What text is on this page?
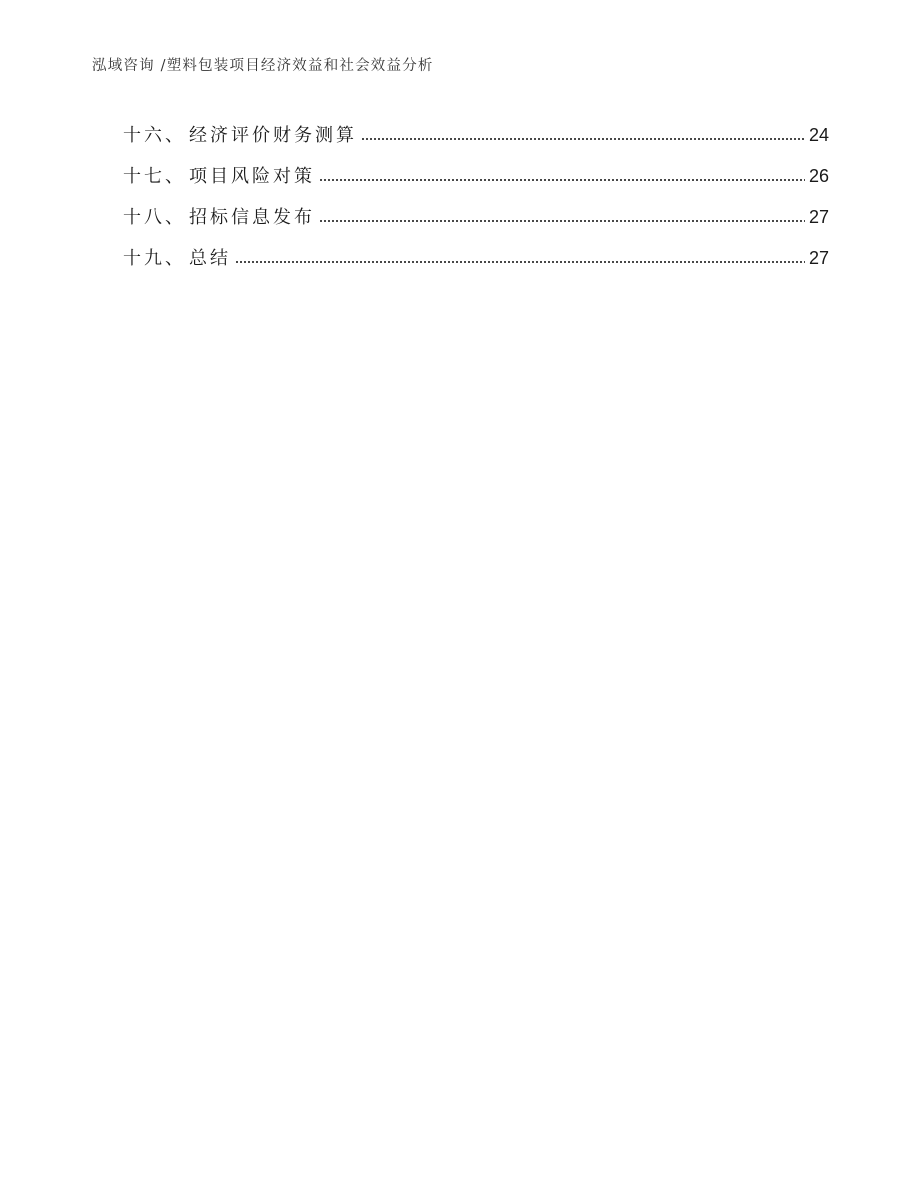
泓域咨询 /塑料包装项目经济效益和社会效益分析
十六、 经济评价财务测算	24
十七、 项目风险对策	26
十八、 招标信息发布	27
十九、 总结	27
